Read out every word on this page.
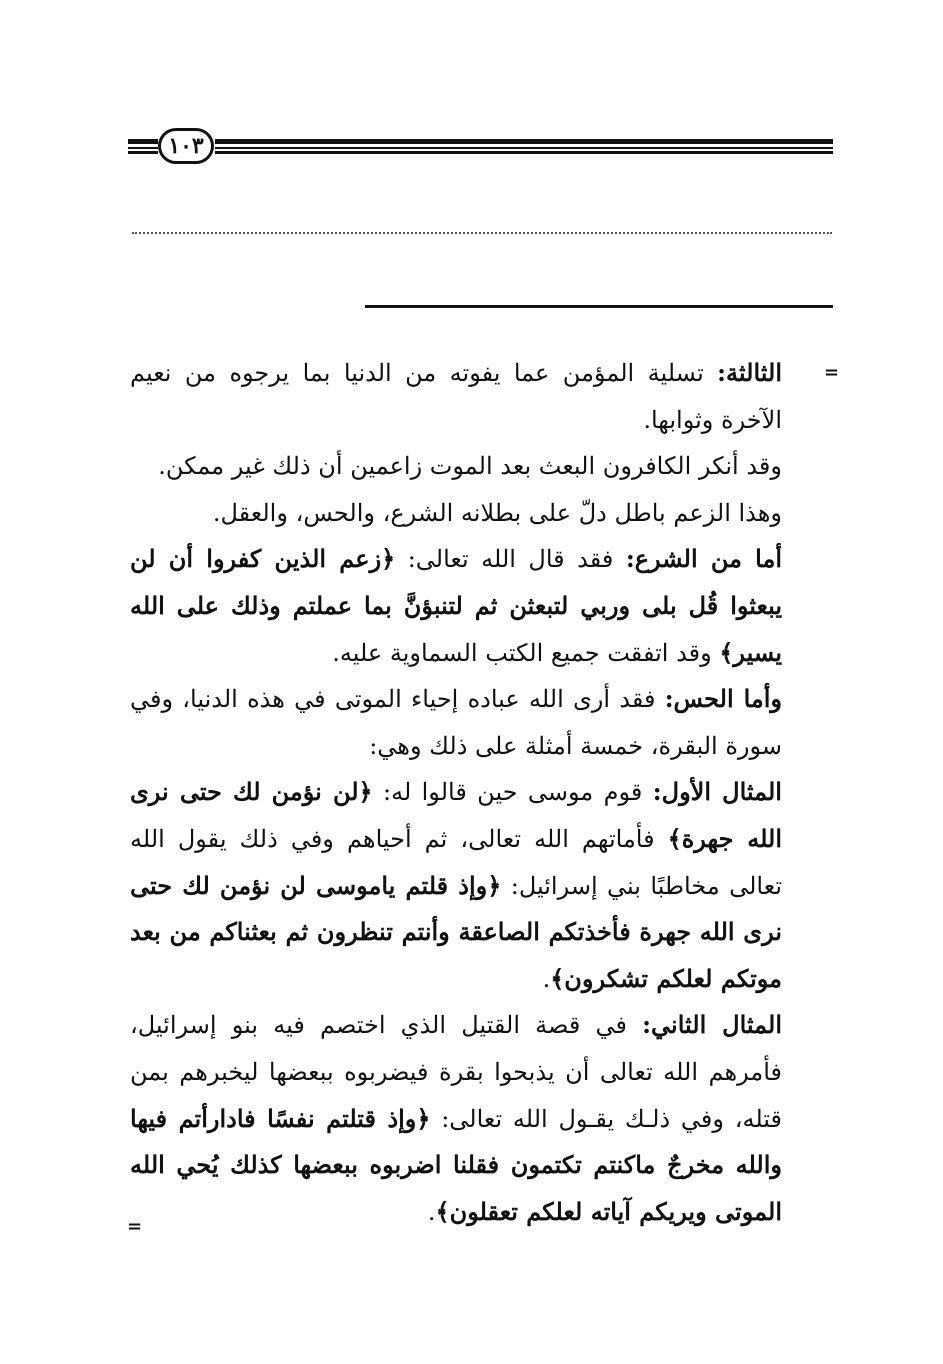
١٠٣
=
=

الثالثة: تسلية المؤمن عما يفوته من الدنيا بما يرجوه من نعيم الآخرة وثوابها.

وقد أنكر الكافرون البعث بعد الموت زاعمين أن ذلك غير ممكن.

وهذا الزعم باطل دلّ على بطلانه الشرع، والحس، والعقل.

أما من الشرع: فقد قال الله تعالى: ﴿زعم الذين كفروا أن لن يبعثوا قُل بلى وربي لتبعثن ثم لتنبؤنَّ بما عملتم وذلك على الله يسير﴾ وقد اتفقت جميع الكتب السماوية عليه.

وأما الحس: فقد أرى الله عباده إحياء الموتى في هذه الدنيا، وفي سورة البقرة، خمسة أمثلة على ذلك وهي:

المثال الأول: قوم موسى حين قالوا له: ﴿لن نؤمن لك حتى نرى الله جهرة﴾ فأماتهم الله تعالى، ثم أحياهم وفي ذلك يقول الله تعالى مخاطبًا بني إسرائيل: ﴿وإذ قلتم ياموسى لن نؤمن لك حتى نرى الله جهرة فأخذتكم الصاعقة وأنتم تنظرون ثم بعثناكم من بعد موتكم لعلكم تشكرون﴾.

المثال الثاني: في قصة القتيل الذي اختصم فيه بنو إسرائيل، فأمرهم الله تعالى أن يذبحوا بقرة فيضربوه ببعضها ليخبرهم بمن قتله، وفي ذلـك يقـول الله تعالى: ﴿وإذ قتلتم نفسًا فادارأتم فيها والله مخرجٌ ماكنتم تكتمون فقلنا اضربوه ببعضها كذلك يُحي الله الموتى ويريكم آياته لعلكم تعقلون﴾.
